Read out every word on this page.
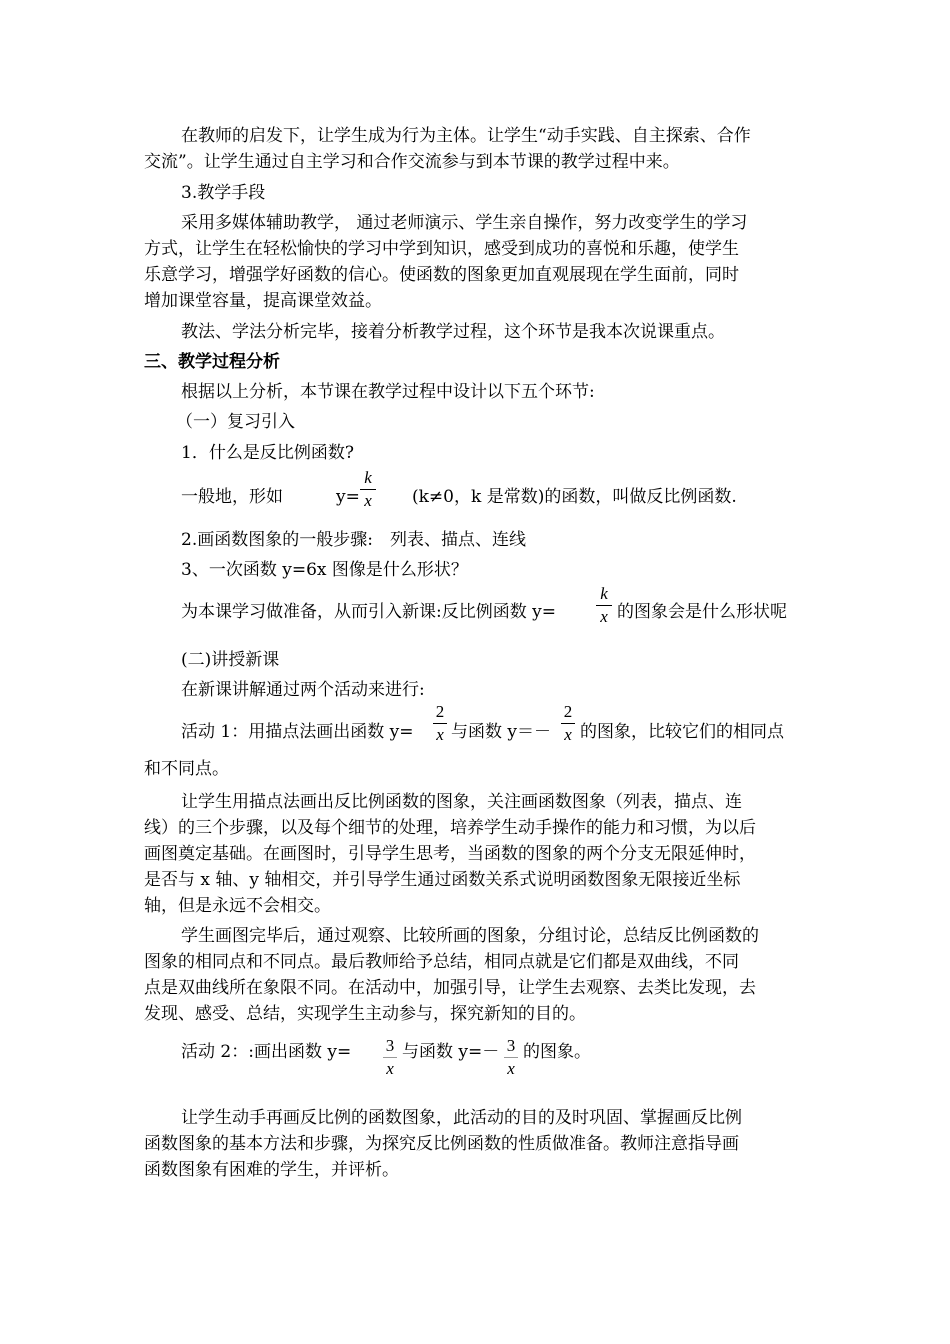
在教师的启发下，让学生成为行为主体。让学生“动手实践、自主探索、合作
交流”。让学生通过自主学习和合作交流参与到本节课的教学过程中来。
3.教学手段
采用多媒体辅助教学， 通过老师演示、学生亲自操作，努力改变学生的学习
方式，让学生在轻松愉快的学习中学到知识，感受到成功的喜悦和乐趣，使学生
乐意学习，增强学好函数的信心。使函数的图象更加直观展现在学生面前，同时
增加课堂容量，提高课堂效益。
教法、学法分析完毕，接着分析教学过程，这个环节是我本次说课重点。
三、教学过程分析
根据以上分析，本节课在教学过程中设计以下五个环节:
（一）复习引入
1．什么是反比例函数?
一般地，形如	y=
k
x (k≠0，k 是常数)的函数，叫做反比例函数.
2.画函数图象的一般步骤:　列表、描点、连线
3、一次函数 y=6x 图像是什么形状？
为本课学习做准备，从而引入新课:反比例函数 y=
k
x 的图象会是什么形状呢
(二)讲授新课
在新课讲解通过两个活动来进行:
活动 1：用描点法画出函数 y=
2
x 与函数 y＝－
2
x 的图象，比较它们的相同点
和不同点。
让学生用描点法画出反比例函数的图象，关注画函数图象（列表，描点、连
线）的三个步骤，以及每个细节的处理，培养学生动手操作的能力和习惯，为以后
画图奠定基础。在画图时，引导学生思考，当函数的图象的两个分支无限延伸时，
是否与 x 轴、y 轴相交，并引导学生通过函数关系式说明函数图象无限接近坐标
轴，但是永远不会相交。
学生画图完毕后，通过观察、比较所画的图象，分组讨论，总结反比例函数的
图象的相同点和不同点。最后教师给予总结，相同点就是它们都是双曲线，不同
点是双曲线所在象限不同。在活动中，加强引导，让学生去观察、去类比发现，去
发现、感受、总结，实现学生主动参与，探究新知的目的。
活动 2：:画出函数 y= 3
x
与函数 y=－ 3
x
的图象。
让学生动手再画反比例的函数图象，此活动的目的及时巩固、掌握画反比例
函数图象的基本方法和步骤，为探究反比例函数的性质做准备。教师注意指导画
函数图象有困难的学生，并评析。
